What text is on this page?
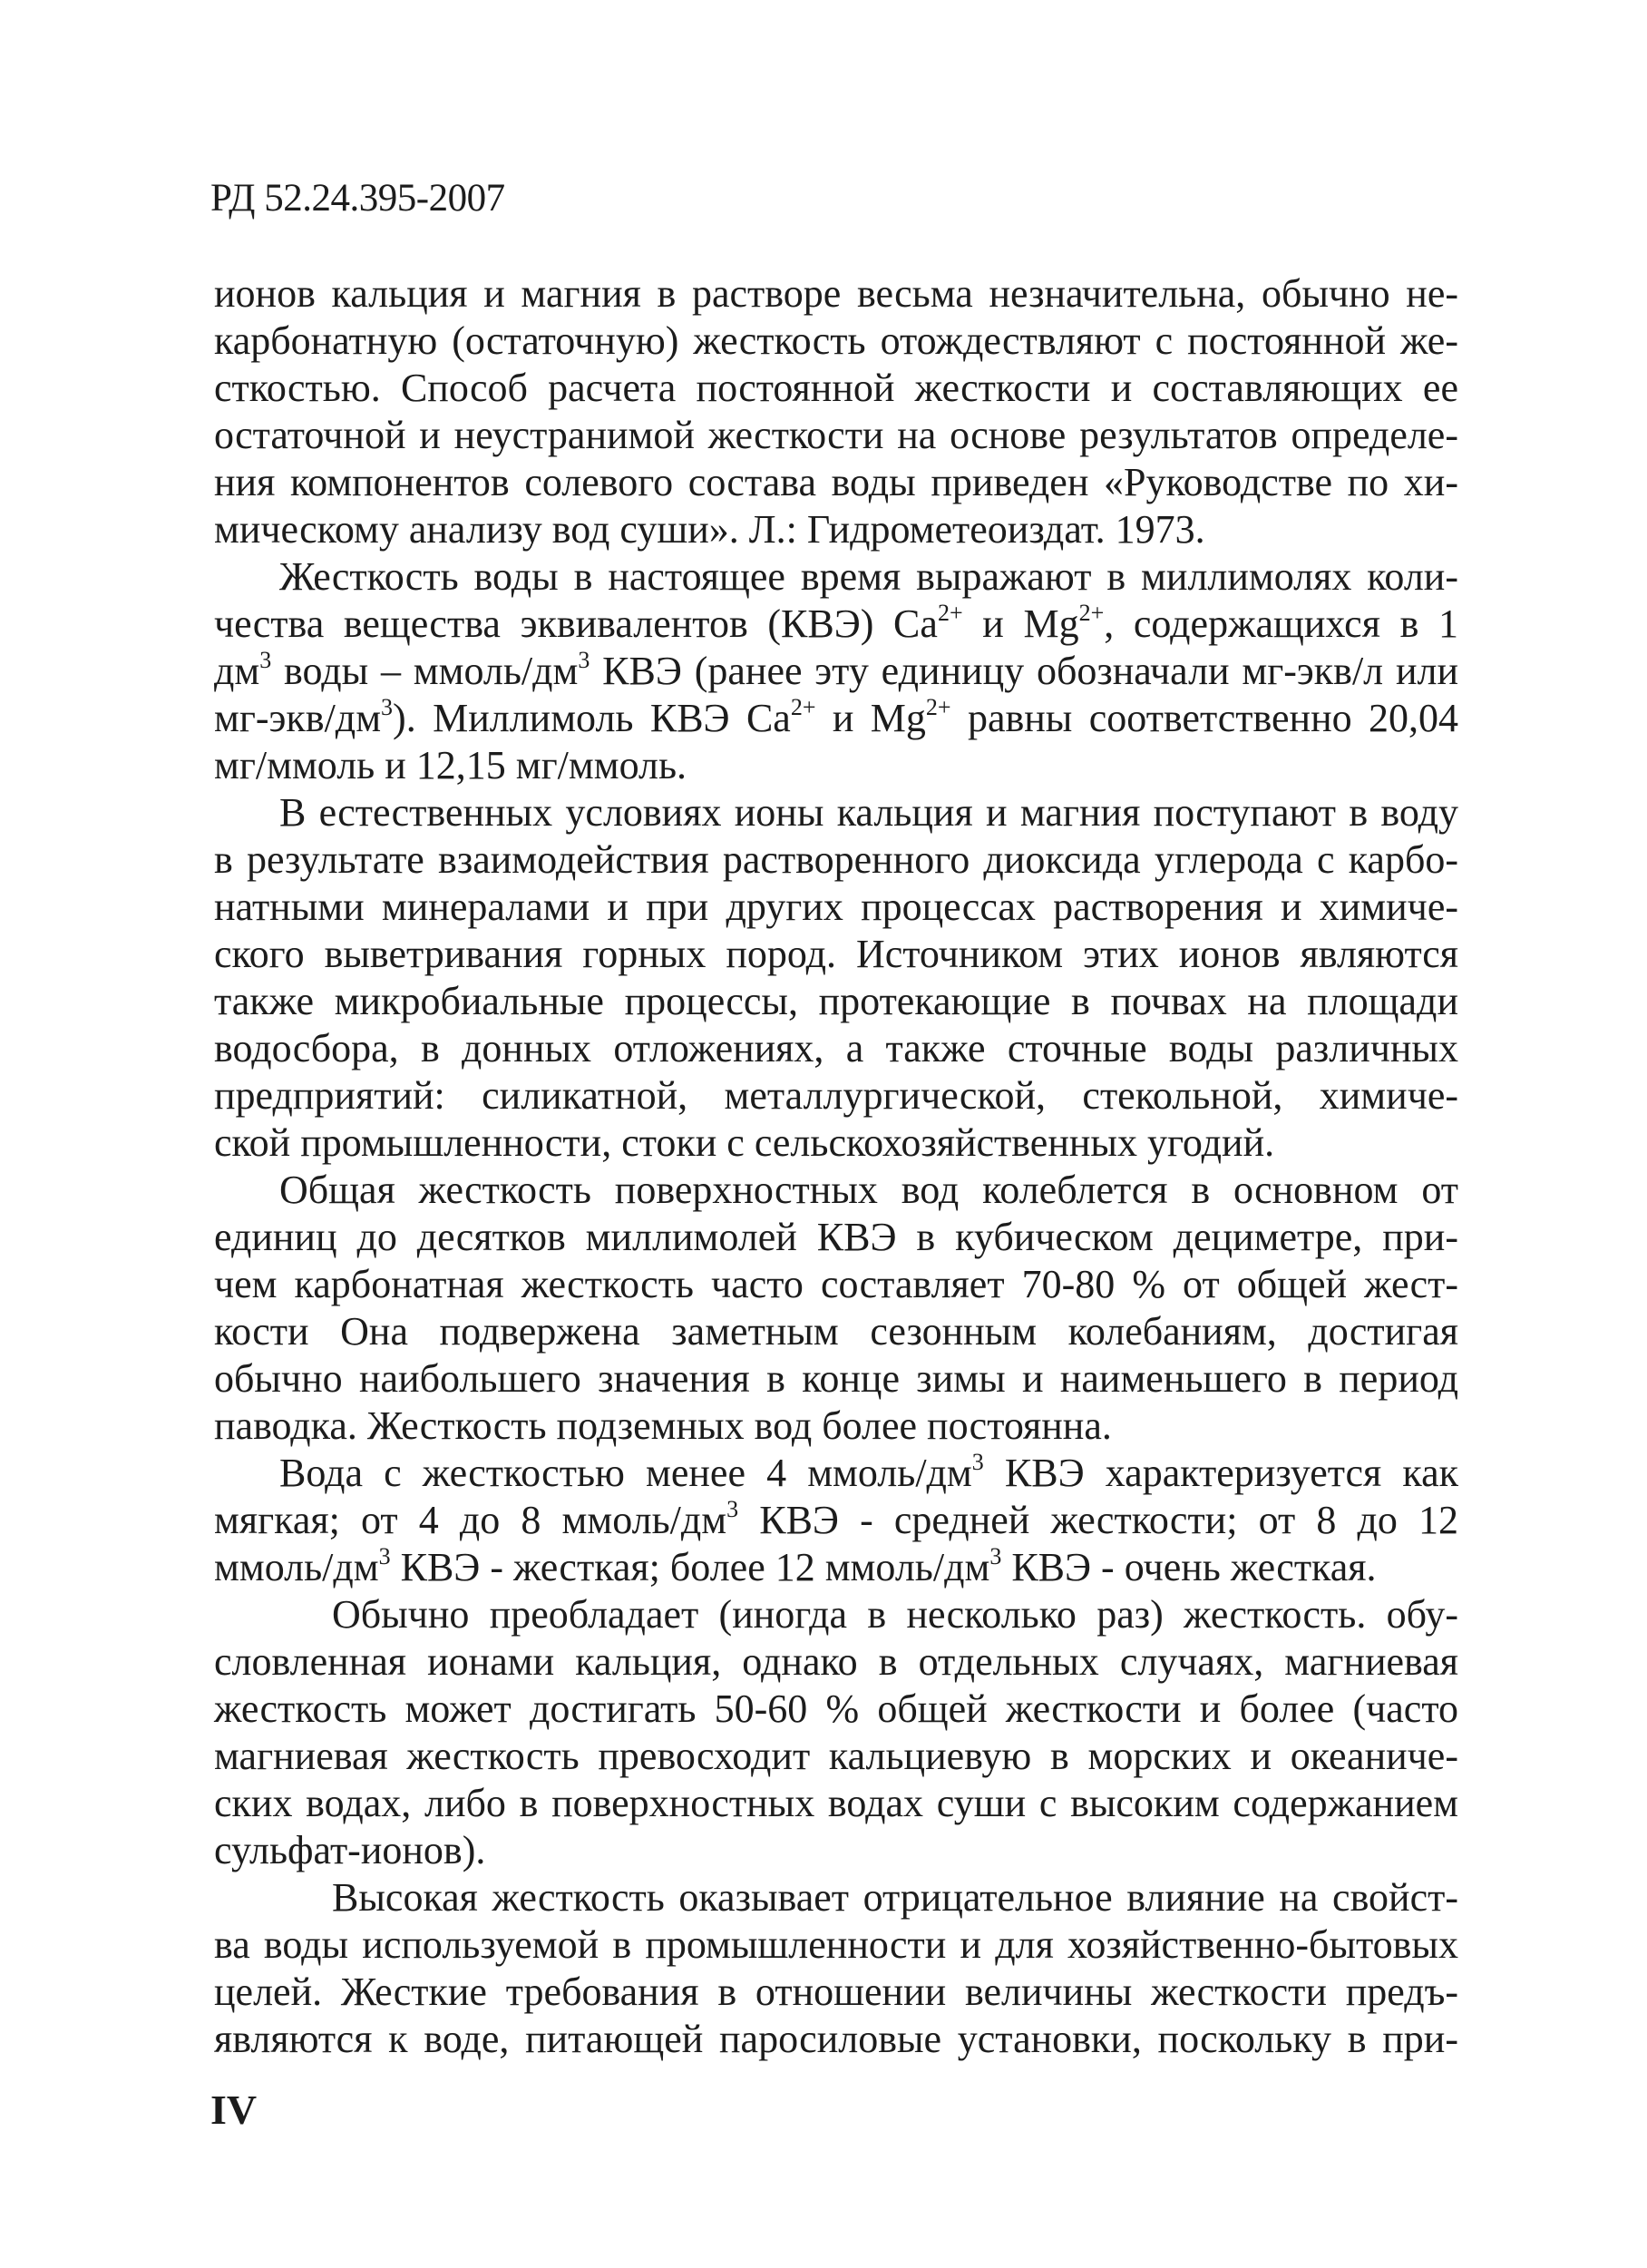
РД 52.24.395-2007
ионов кальция и магния в растворе весьма незначительна, обычно не-
карбонатную (остаточную) жесткость отождествляют с постоянной же-
сткостью. Способ расчета постоянной жесткости и составляющих ее
остаточной и неустранимой жесткости на основе результатов определе-
ния компонентов солевого состава воды приведен «Руководстве по хи-
мическому анализу вод суши». Л.: Гидрометеоиздат. 1973.
Жесткость воды в настоящее время выражают в миллимолях коли-
чества вещества эквивалентов (КВЭ) $Ca^{2+}$ и $Mg^{2+}$, содержащихся в 1
$дм^3$ воды – ммоль/$дм^3$ КВЭ (ранее эту единицу обозначали мг-экв/л или
$мг-экв/дм^3$). Миллимоль КВЭ $Ca^{2+}$ и $Mg^{2+}$ равны соответственно 20,04
мг/ммоль и 12,15 мг/ммоль.
В естественных условиях ионы кальция и магния поступают в воду
в результате взаимодействия растворенного диоксида углерода с карбо-
натными минералами и при других процессах растворения и химиче-
ского выветривания горных пород. Источником этих ионов являются
также микробиальные процессы, протекающие в почвах на площади
водосбора, в донных отложениях, а также сточные воды различных
предприятий: силикатной, металлургической, стекольной, химиче-
ской промышленности, стоки с сельскохозяйственных угодий.
Общая жесткость поверхностных вод колеблется в основном от
единиц до десятков миллимолей КВЭ в кубическом дециметре, при-
чем карбонатная жесткость часто составляет 70-80 % от общей жест-
кости Она подвержена заметным сезонным колебаниям, достигая
обычно наибольшего значения в конце зимы и наименьшего в период
паводка. Жесткость подземных вод более постоянна.
Вода с жесткостью менее 4 ммоль/$дм^3$ КВЭ характеризуется как
мягкая; от 4 до 8 ммоль/$дм^3$ КВЭ - средней жесткости; от 8 до 12
ммоль/$дм^3$ КВЭ - жесткая; более 12 ммоль/$дм^3$ КВЭ - очень жесткая.
Обычно преобладает (иногда в несколько раз) жесткость. обу-
словленная ионами кальция, однако в отдельных случаях, магниевая
жесткость может достигать 50-60 % общей жесткости и более (часто
магниевая жесткость превосходит кальциевую в морских и океаниче-
ских водах, либо в поверхностных водах суши с высоким содержанием
сульфат-ионов).
Высокая жесткость оказывает отрицательное влияние на свойст-
ва воды используемой в промышленности и для хозяйственно-бытовых
целей. Жесткие требования в отношении величины жесткости предъ-
являются к воде, питающей паросиловые установки, поскольку в при-
IV
